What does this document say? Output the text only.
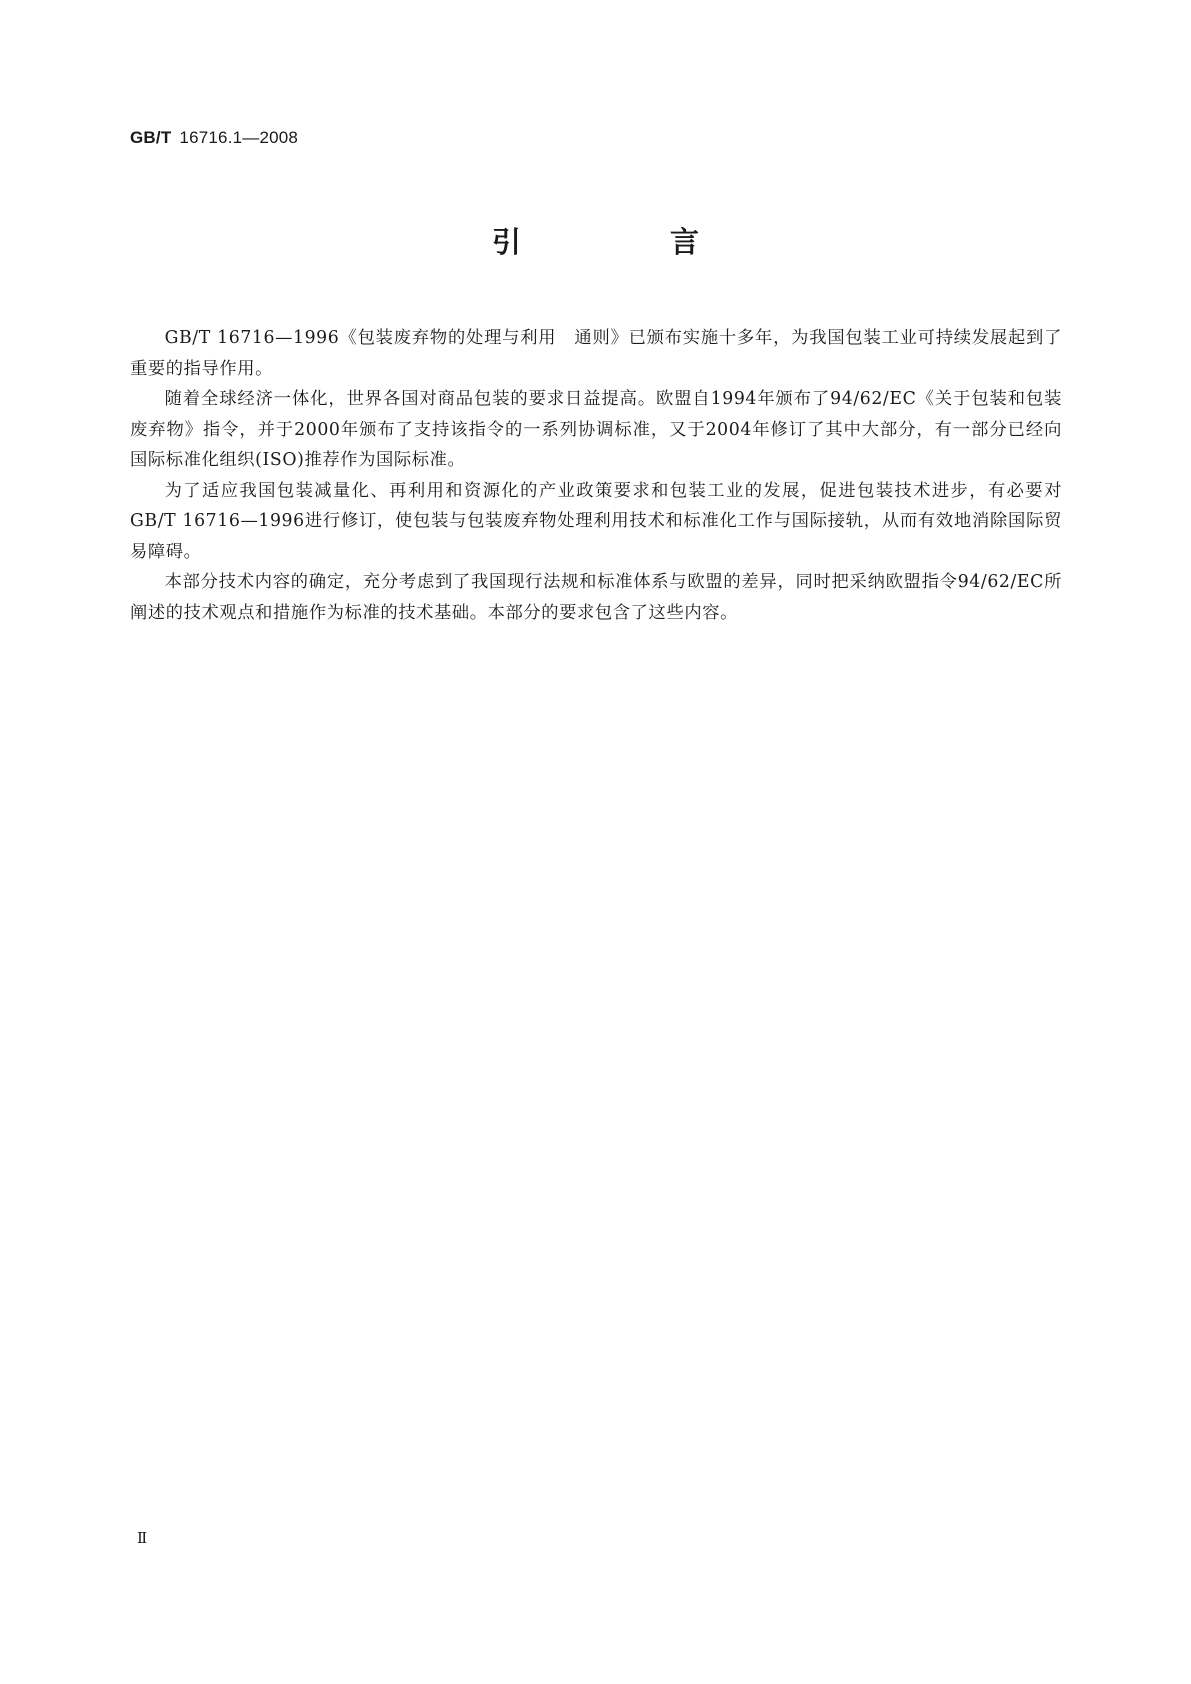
GB/T 16716.1—2008
引　言

GB/T 16716—1996《包装废弃物的处理与利用　通则》已颁布实施十多年，为我国包装工业可持续发展起到了重要的指导作用。

随着全球经济一体化，世界各国对商品包装的要求日益提高。欧盟自1994年颁布了94/62/EC《关于包装和包装废弃物》指令，并于2000年颁布了支持该指令的一系列协调标准，又于2004年修订了其中大部分，有一部分已经向国际标准化组织(ISO)推荐作为国际标准。

为了适应我国包装减量化、再利用和资源化的产业政策要求和包装工业的发展，促进包装技术进步，有必要对GB/T 16716—1996进行修订，使包装与包装废弃物处理利用技术和标准化工作与国际接轨，从而有效地消除国际贸易障碍。

本部分技术内容的确定，充分考虑到了我国现行法规和标准体系与欧盟的差异，同时把采纳欧盟指令94/62/EC所阐述的技术观点和措施作为标准的技术基础。本部分的要求包含了这些内容。

Ⅱ
